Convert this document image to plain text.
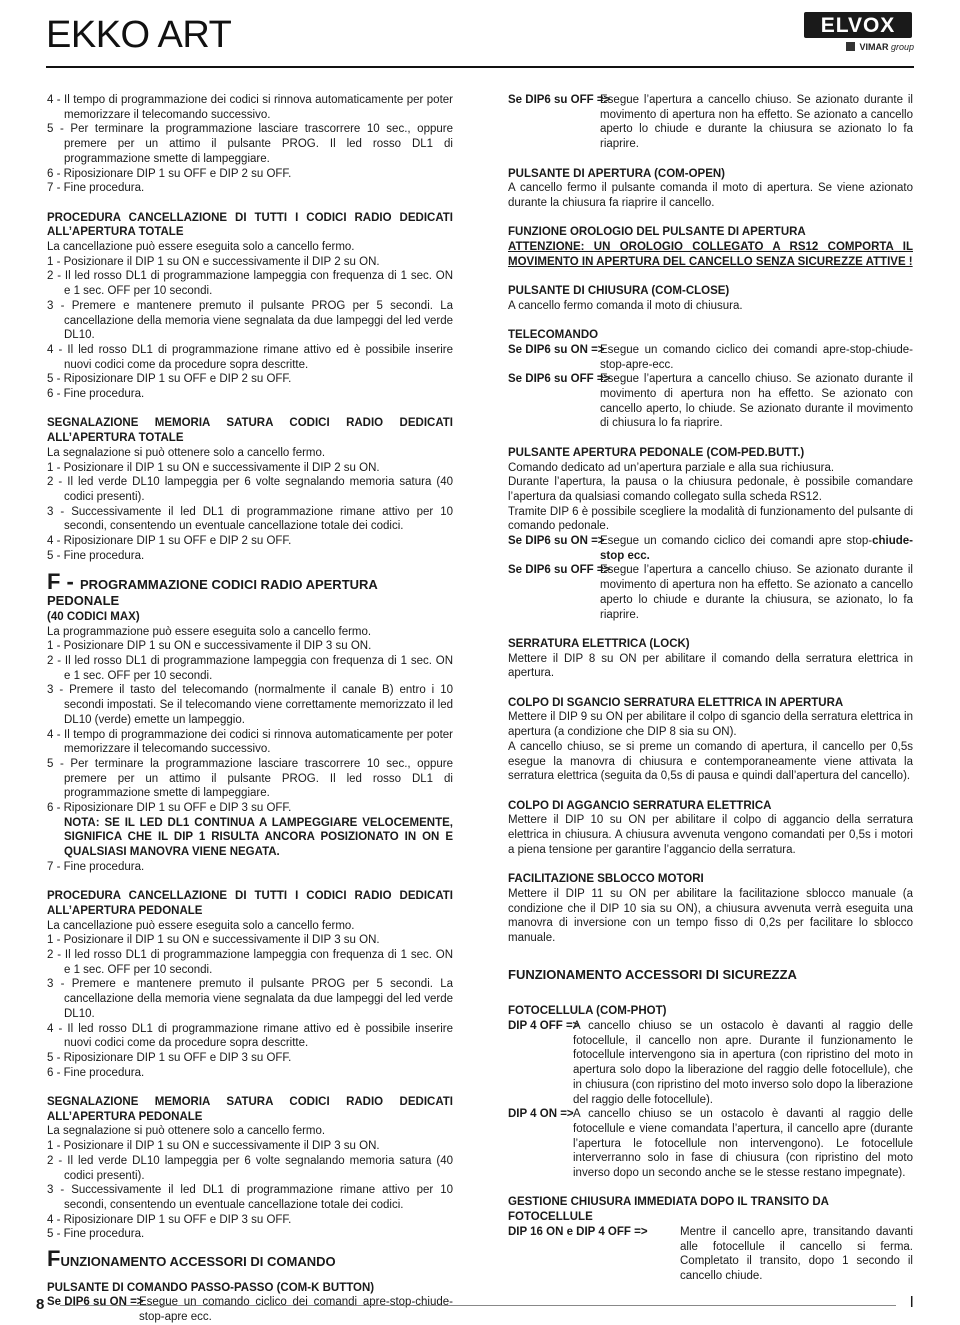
EKKO ART	ELVOX
VIMAR group

4 - Il tempo di programmazione dei codici si rinnova automaticamente per poter memorizzare il telecomando successivo.

5 - Per terminare la programmazione lasciare trascorrere 10 sec., oppure premere per un attimo il pulsante PROG. Il led rosso DL1 di programmazione smette di lampeggiare.

6 - Riposizionare DIP 1 su OFF e DIP 2 su OFF.

7 - Fine procedura.

PROCEDURA CANCELLAZIONE DI TUTTI I CODICI RADIO DEDICATI ALL’APERTURA TOTALE

La cancellazione può essere eseguita solo a cancello fermo.

1 - Posizionare il DIP 1 su ON e successivamente il DIP 2 su ON.

2 - Il led rosso DL1 di programmazione lampeggia con frequenza di 1 sec. ON e 1 sec. OFF per 10 secondi.

3 - Premere e mantenere premuto il pulsante PROG per 5 secondi. La cancellazione della memoria viene segnalata da due lampeggi del led verde DL10.

4 - Il led rosso DL1 di programmazione rimane attivo ed è possibile inserire nuovi codici come da procedure sopra descritte.

5 - Riposizionare DIP 1 su OFF e DIP 2 su OFF.

6 - Fine procedura.

SEGNALAZIONE MEMORIA SATURA CODICI RADIO DEDICATI ALL’APERTURA TOTALE

La segnalazione si può ottenere solo a cancello fermo.

1 - Posizionare il DIP 1 su ON e successivamente il DIP 2 su ON.

2 - Il led verde DL10 lampeggia per 6 volte segnalando memoria satura (40 codici presenti).

3 - Successivamente il led DL1 di programmazione rimane attivo per 10 secondi, consentendo un eventuale cancellazione totale dei codici.

4 - Riposizionare DIP 1 su OFF e DIP 2 su OFF.

5 - Fine procedura.

F - PROGRAMMAZIONE CODICI RADIO APERTURA PEDONALE

(40 CODICI MAX)

La programmazione può essere eseguita solo a cancello fermo.

1 - Posizionare DIP 1 su ON e successivamente il DIP 3 su ON.

2 - Il led rosso DL1 di programmazione lampeggia con frequenza di 1 sec. ON e 1 sec. OFF per 10 secondi.

3 - Premere il tasto del telecomando (normalmente il canale B) entro i 10 secondi impostati. Se il telecomando viene correttamente memorizzato il led DL10 (verde) emette un lampeggio.

4 - Il tempo di programmazione dei codici si rinnova automaticamente per poter memorizzare il telecomando successivo.

5 - Per terminare la programmazione lasciare trascorrere 10 sec., oppure premere per un attimo il pulsante PROG. Il led rosso DL1 di programmazione smette di lampeggiare.

6 - Riposizionare DIP 1 su OFF e DIP 3 su OFF.

NOTA: SE IL LED DL1 CONTINUA A LAMPEGGIARE VELOCEMENTE, SIGNIFICA CHE IL DIP 1 RISULTA ANCORA POSIZIONATO IN ON E QUALSIASI MANOVRA VIENE NEGATA.

7 - Fine procedura.

PROCEDURA CANCELLAZIONE DI TUTTI I CODICI RADIO DEDICATI ALL’APERTURA PEDONALE

La cancellazione può essere eseguita solo a cancello fermo.

1 - Posizionare il DIP 1 su ON e successivamente il DIP 3 su ON.

2 - Il led rosso DL1 di programmazione lampeggia con frequenza di 1 sec. ON e 1 sec. OFF per 10 secondi.

3 - Premere e mantenere premuto il pulsante PROG per 5 secondi. La cancellazione della memoria viene segnalata da due lampeggi del led verde DL10.

4 - Il led rosso DL1 di programmazione rimane attivo ed è possibile inserire nuovi codici come da procedure sopra descritte.

5 - Riposizionare DIP 1 su OFF e DIP 3 su OFF.

6 - Fine procedura.

SEGNALAZIONE MEMORIA SATURA CODICI RADIO DEDICATI ALL’APERTURA PEDONALE

La segnalazione si può ottenere solo a cancello fermo.

1 - Posizionare il DIP 1 su ON e successivamente il DIP 3 su ON.

2 - Il led verde DL10 lampeggia per 6 volte segnalando memoria satura (40 codici presenti).

3 - Successivamente il led DL1 di programmazione rimane attivo per 10 secondi, consentendo un eventuale cancellazione totale dei codici.

4 - Riposizionare DIP 1 su OFF e DIP 3 su OFF.

5 - Fine procedura.

FUNZIONAMENTO ACCESSORI DI COMANDO

PULSANTE DI COMANDO PASSO-PASSO (COM-K BUTTON)

Se DIP6 su ON =>
Esegue un comando ciclico dei comandi apre-stop-chiude-stop-apre ecc.
Se DIP6 su OFF =>
Esegue l’apertura a cancello chiuso. Se azionato durante il movimento di apertura non ha effetto. Se azionato a cancello aperto lo chiude e durante la chiusura se azionato lo fa riaprire.

PULSANTE DI APERTURA (COM-OPEN)

A cancello fermo il pulsante comanda il moto di apertura. Se viene azionato durante la chiusura fa riaprire il cancello.

FUNZIONE OROLOGIO DEL PULSANTE DI APERTURA

ATTENZIONE: UN OROLOGIO COLLEGATO A RS12 COMPORTA IL MOVIMENTO IN APERTURA DEL CANCELLO SENZA SICUREZZE ATTIVE !

PULSANTE DI CHIUSURA (COM-CLOSE)

A cancello fermo comanda il moto di chiusura.

TELECOMANDO

Se DIP6 su ON =>
Esegue un comando ciclico dei comandi apre-stop-chiude-stop-apre-ecc.
Se DIP6 su OFF =>
Esegue l’apertura a cancello chiuso. Se azionato durante il movimento di apertura non ha effetto. Se azionato con cancello aperto, lo chiude. Se azionato durante il movimento di chiusura lo fa riaprire.

PULSANTE APERTURA PEDONALE (COM-PED.BUTT.)

Comando dedicato ad un’apertura parziale e alla sua richiusura.

Durante l’apertura, la pausa o la chiusura pedonale, è possibile comandare l’apertura da qualsiasi comando collegato sulla scheda RS12.

Tramite DIP 6 è possibile scegliere la modalità di funzionamento del pulsante di comando pedonale.

Se DIP6 su ON =>
Esegue un comando ciclico dei comandi apre stop-chiude-stop ecc.
Se DIP6 su OFF =>
Esegue l’apertura a cancello chiuso. Se azionato durante il movimento di apertura non ha effetto. Se azionato a cancello aperto lo chiude e durante la chiusura, se azionato, lo fa riaprire.

SERRATURA ELETTRICA (LOCK)

Mettere il DIP 8 su ON per abilitare il comando della serratura elettrica in apertura.

COLPO DI SGANCIO SERRATURA ELETTRICA IN APERTURA

Mettere il DIP 9 su ON per abilitare il colpo di sgancio della serratura elettrica in apertura (a condizione che DIP 8 sia su ON).

A cancello chiuso, se si preme un comando di apertura, il cancello per 0,5s esegue la manovra di chiusura e contemporaneamente viene attivata la serratura elettrica (seguita da 0,5s di pausa e quindi dall’apertura del cancello).

COLPO DI AGGANCIO SERRATURA ELETTRICA

Mettere il DIP 10 su ON per abilitare il colpo di aggancio della serratura elettrica in chiusura. A chiusura avvenuta vengono comandati per 0,5s i motori a piena tensione per garantire l’aggancio della serratura.

FACILITAZIONE SBLOCCO MOTORI

Mettere il DIP 11 su ON per abilitare la facilitazione sblocco manuale (a condizione che il DIP 10 sia su ON), a chiusura avvenuta verrà eseguita una manovra di inversione con un tempo fisso di 0,2s per facilitare lo sblocco manuale.

FUNZIONAMENTO ACCESSORI DI SICUREZZA

FOTOCELLULA (COM-PHOT)

DIP 4 OFF =>
A cancello chiuso se un ostacolo è davanti al raggio delle fotocellule, il cancello non apre. Durante il funzionamento le fotocellule intervengono sia in apertura (con ripristino del moto in apertura solo dopo la liberazione del raggio delle fotocellule), che in chiusura (con ripristino del moto inverso solo dopo la liberazione del raggio delle fotocellule).
DIP 4 ON => A cancello chiuso se un ostacolo è davanti al raggio delle fotocellule e viene comandata l’apertura, il cancello apre (durante l’apertura le fotocellule non intervengono). Le fotocellule interverranno solo in fase di chiusura (con ripristino del moto inverso dopo un secondo anche se le stesse restano impegnate).

GESTIONE CHIUSURA IMMEDIATA DOPO IL TRANSITO DA FOTOCELLULE

DIP 16 ON e DIP 4 OFF =>	Mentre il cancello apre, transitando davanti alle fotocellule il cancello si ferma. Completato il transito, dopo 1 secondo il cancello chiude.
8	I
